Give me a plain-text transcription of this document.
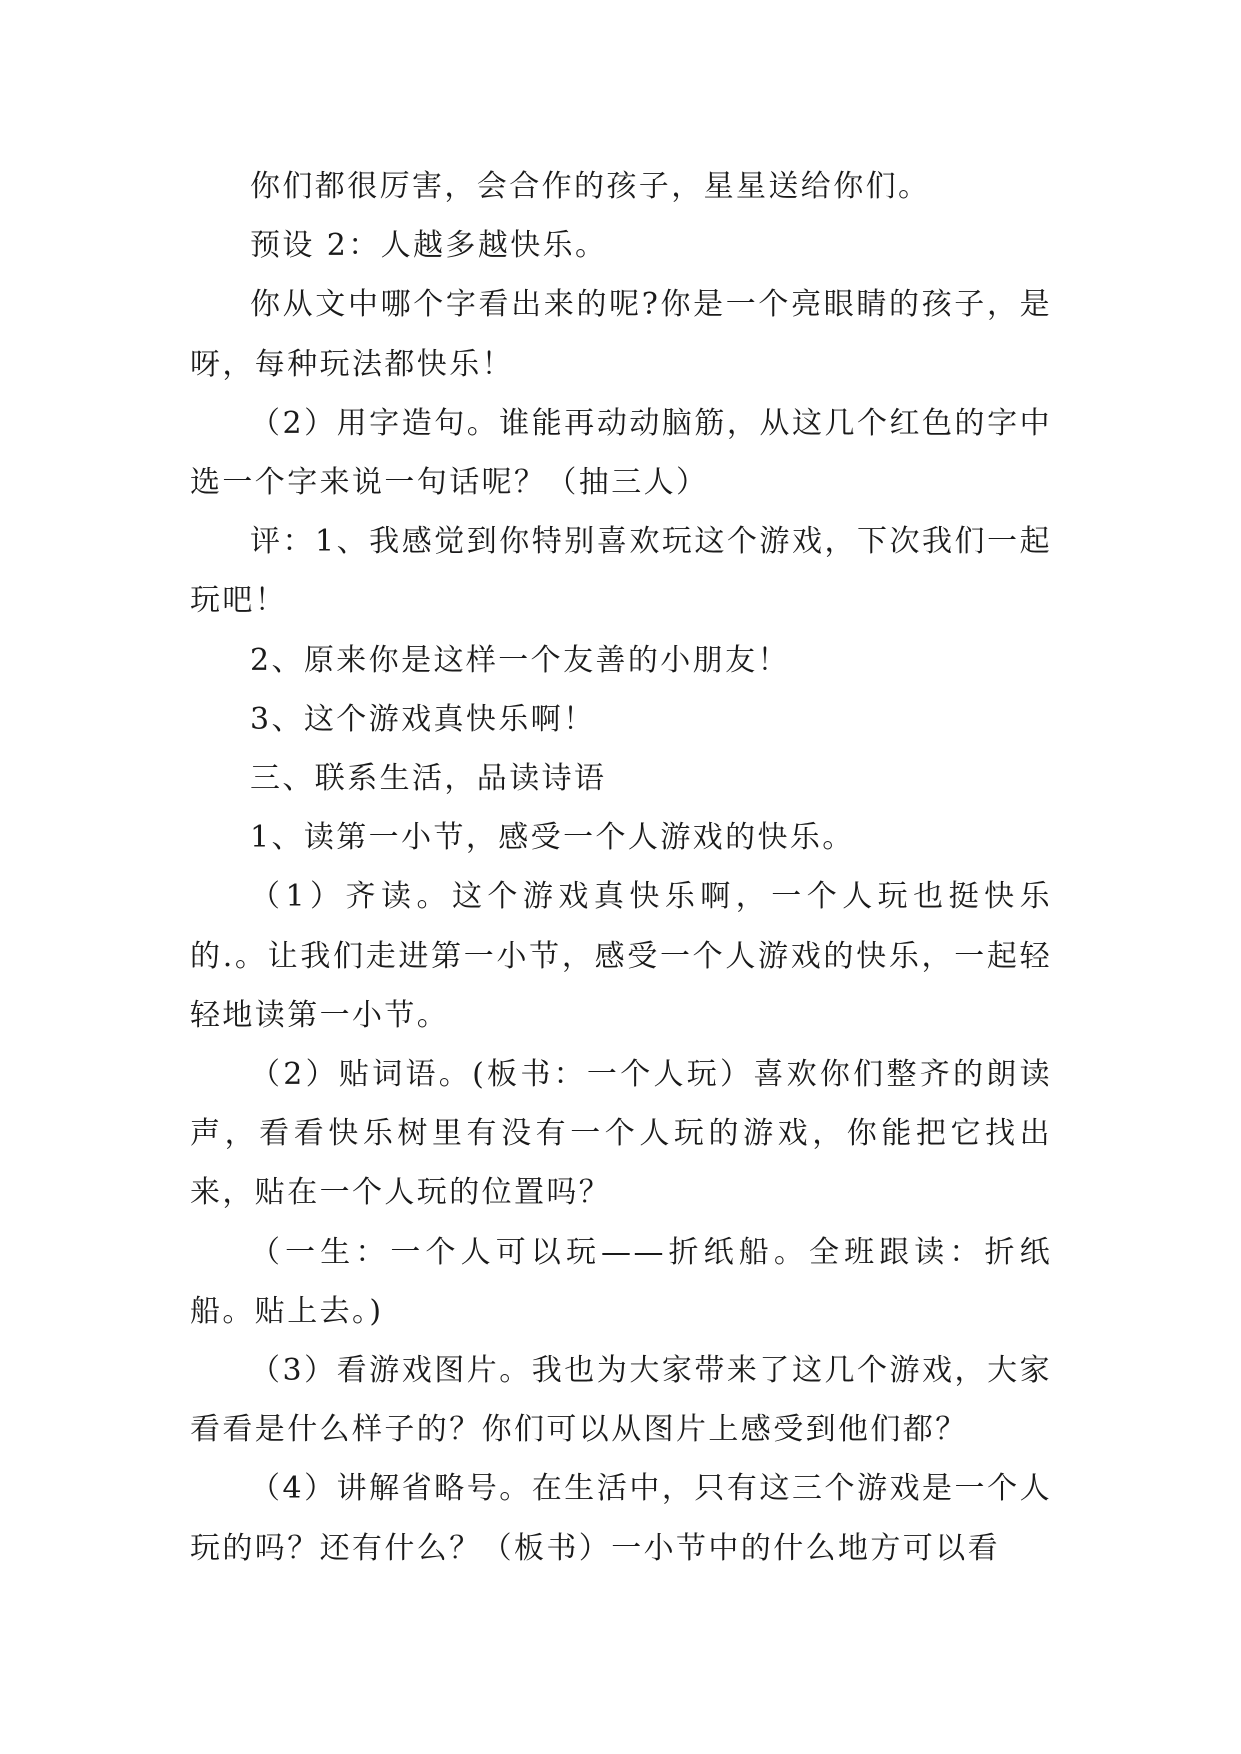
你们都很厉害，会合作的孩子，星星送给你们。

预设 2：人越多越快乐。

你从文中哪个字看出来的呢?你是一个亮眼睛的孩子，是呀，每种玩法都快乐！

（2）用字造句。谁能再动动脑筋，从这几个红色的字中选一个字来说一句话呢？（抽三人）

评：1、我感觉到你特别喜欢玩这个游戏，下次我们一起玩吧！

2、原来你是这样一个友善的小朋友！

3、这个游戏真快乐啊！

三、联系生活，品读诗语

1、读第一小节，感受一个人游戏的快乐。

（1）齐读。这个游戏真快乐啊，一个人玩也挺快乐的.。让我们走进第一小节，感受一个人游戏的快乐，一起轻轻地读第一小节。

（2）贴词语。(板书：一个人玩）喜欢你们整齐的朗读声，看看快乐树里有没有一个人玩的游戏，你能把它找出来，贴在一个人玩的位置吗？

（一生：一个人可以玩——折纸船。全班跟读：折纸船。贴上去。)

（3）看游戏图片。我也为大家带来了这几个游戏，大家看看是什么样子的？你们可以从图片上感受到他们都？

（4）讲解省略号。在生活中，只有这三个游戏是一个人玩的吗？还有什么？（板书）一小节中的什么地方可以看
